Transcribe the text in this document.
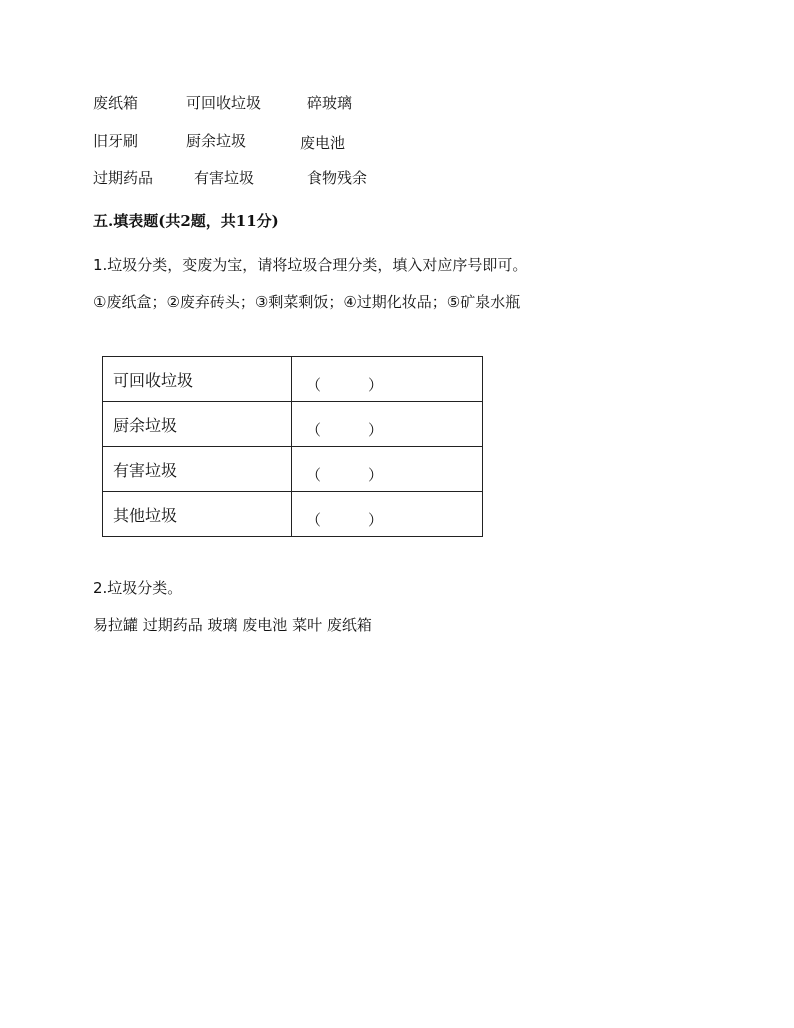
废纸箱	可回收垃圾	碎玻璃
旧牙刷	厨余垃圾	废电池
过期药品	有害垃圾	食物残余
五.填表题(共2题，共11分)
1.垃圾分类，变废为宝，请将垃圾合理分类，填入对应序号即可。
①废纸盒；②废弃砖头；③剩菜剩饭；④过期化妆品；⑤矿泉水瓶
可回收垃圾	（ ）

厨余垃圾	（ ）

有害垃圾	（ ）

其他垃圾	（ ）
2.垃圾分类。
易拉罐 过期药品 玻璃 废电池 菜叶 废纸箱
